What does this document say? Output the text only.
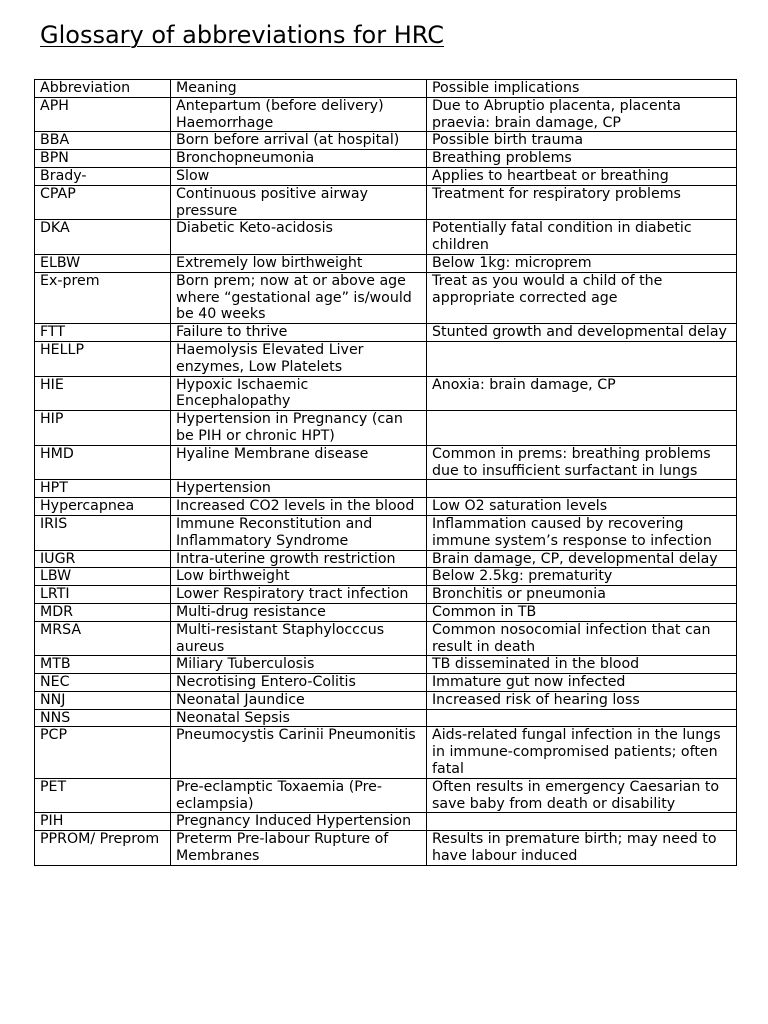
Glossary of abbreviations for HRC
Abbreviation	Meaning	Possible implications
APH	Antepartum (before delivery) Haemorrhage	Due to Abruptio placenta, placenta praevia: brain damage, CP
BBA	Born before arrival (at hospital)	Possible birth trauma
BPN	Bronchopneumonia	Breathing problems
Brady-	Slow	Applies to heartbeat or breathing
CPAP	Continuous positive airway pressure	Treatment for respiratory problems
DKA	Diabetic Keto-acidosis	Potentially fatal condition in diabetic children
ELBW	Extremely low birthweight	Below 1kg: microprem
Ex-prem	Born prem; now at or above age where “gestational age” is/would be 40 weeks	Treat as you would a child of the appropriate corrected age
FTT	Failure to thrive	Stunted growth and developmental delay
HELLP	Haemolysis Elevated Liver enzymes, Low Platelets	
HIE	Hypoxic Ischaemic Encephalopathy	Anoxia: brain damage, CP
HIP	Hypertension in Pregnancy (can be PIH or chronic HPT)	
HMD	Hyaline Membrane disease	Common in prems: breathing problems due to insufficient surfactant in lungs
HPT	Hypertension	
Hypercapnea	Increased CO2 levels in the blood	Low O2 saturation levels
IRIS	Immune Reconstitution and Inflammatory Syndrome	Inflammation caused by recovering immune system’s response to infection
IUGR	Intra-uterine growth restriction	Brain damage, CP, developmental delay
LBW	Low birthweight	Below 2.5kg: prematurity
LRTI	Lower Respiratory tract infection	Bronchitis or pneumonia
MDR	Multi-drug resistance	Common in TB
MRSA	Multi-resistant Staphylocccus aureus	Common nosocomial infection that can result in death
MTB	Miliary Tuberculosis	TB disseminated in the blood
NEC	Necrotising Entero-Colitis	Immature gut now infected
NNJ	Neonatal Jaundice	Increased risk of hearing loss
NNS	Neonatal Sepsis	
PCP	Pneumocystis Carinii Pneumonitis	Aids-related fungal infection in the lungs in immune-compromised patients; often fatal
PET	Pre-eclamptic Toxaemia (Pre-eclampsia)	Often results in emergency Caesarian to save baby from death or disability
PIH	Pregnancy Induced Hypertension	
PPROM/ Preprom	Preterm Pre-labour Rupture of Membranes	Results in premature birth; may need to have labour induced
